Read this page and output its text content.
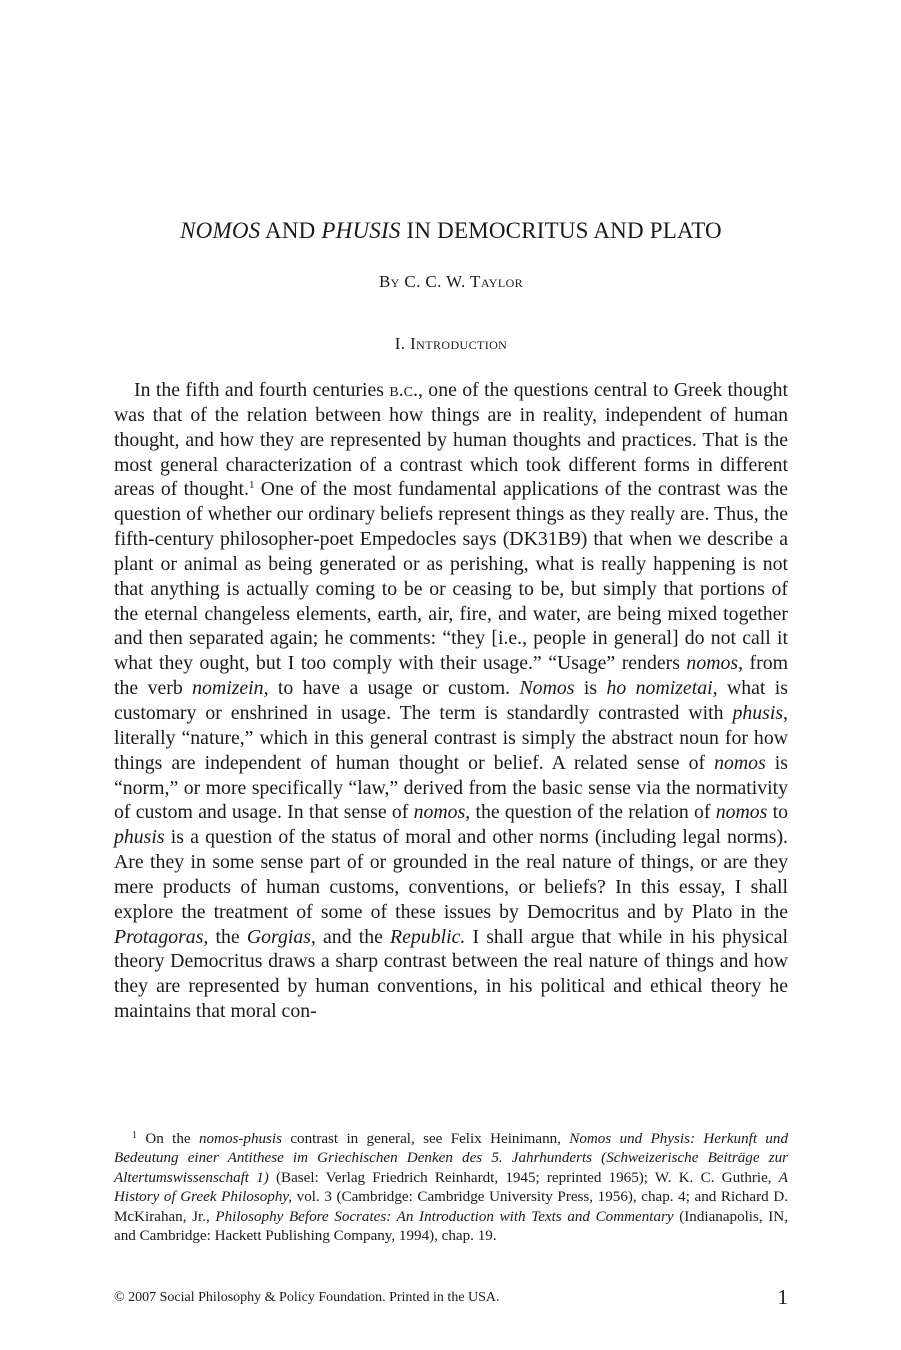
NOMOS AND PHUSIS IN DEMOCRITUS AND PLATO
By C. C. W. Taylor
I. Introduction

In the fifth and fourth centuries b.c., one of the questions central to Greek thought was that of the relation between how things are in reality, independent of human thought, and how they are represented by human thoughts and practices. That is the most general characterization of a contrast which took different forms in different areas of thought.$^1$ One of the most fundamental applications of the contrast was the question of whether our ordinary beliefs represent things as they really are. Thus, the fifth-century philosopher-poet Empedocles says (DK31B9) that when we describe a plant or animal as being generated or as perishing, what is really happening is not that anything is actually coming to be or ceasing to be, but simply that portions of the eternal changeless elements, earth, air, fire, and water, are being mixed together and then separated again; he comments: “they [i.e., people in general] do not call it what they ought, but I too comply with their usage.” “Usage” renders nomos, from the verb nomizein, to have a usage or custom. Nomos is ho nomizetai, what is customary or enshrined in usage. The term is standardly contrasted with phusis, literally “nature,” which in this general contrast is simply the abstract noun for how things are independent of human thought or belief. A related sense of nomos is “norm,” or more specifically “law,” derived from the basic sense via the normativity of custom and usage. In that sense of nomos, the question of the relation of nomos to phusis is a question of the status of moral and other norms (including legal norms). Are they in some sense part of or grounded in the real nature of things, or are they mere products of human customs, conventions, or beliefs? In this essay, I shall explore the treatment of some of these issues by Democritus and by Plato in the Protagoras, the Gorgias, and the Republic. I shall argue that while in his physical theory Democritus draws a sharp contrast between the real nature of things and how they are represented by human conventions, in his political and ethical theory he maintains that moral con-

$^1$ On the nomos-phusis contrast in general, see Felix Heinimann, Nomos und Physis: Herkunft und Bedeutung einer Antithese im Griechischen Denken des 5. Jahrhunderts (Schweizerische Beiträge zur Altertumswissenschaft 1) (Basel: Verlag Friedrich Reinhardt, 1945; reprinted 1965); W. K. C. Guthrie, A History of Greek Philosophy, vol. 3 (Cambridge: Cambridge University Press, 1956), chap. 4; and Richard D. McKirahan, Jr., Philosophy Before Socrates: An Introduction with Texts and Commentary (Indianapolis, IN, and Cambridge: Hackett Publishing Company, 1994), chap. 19.

© 2007 Social Philosophy & Policy Foundation. Printed in the USA.	1
